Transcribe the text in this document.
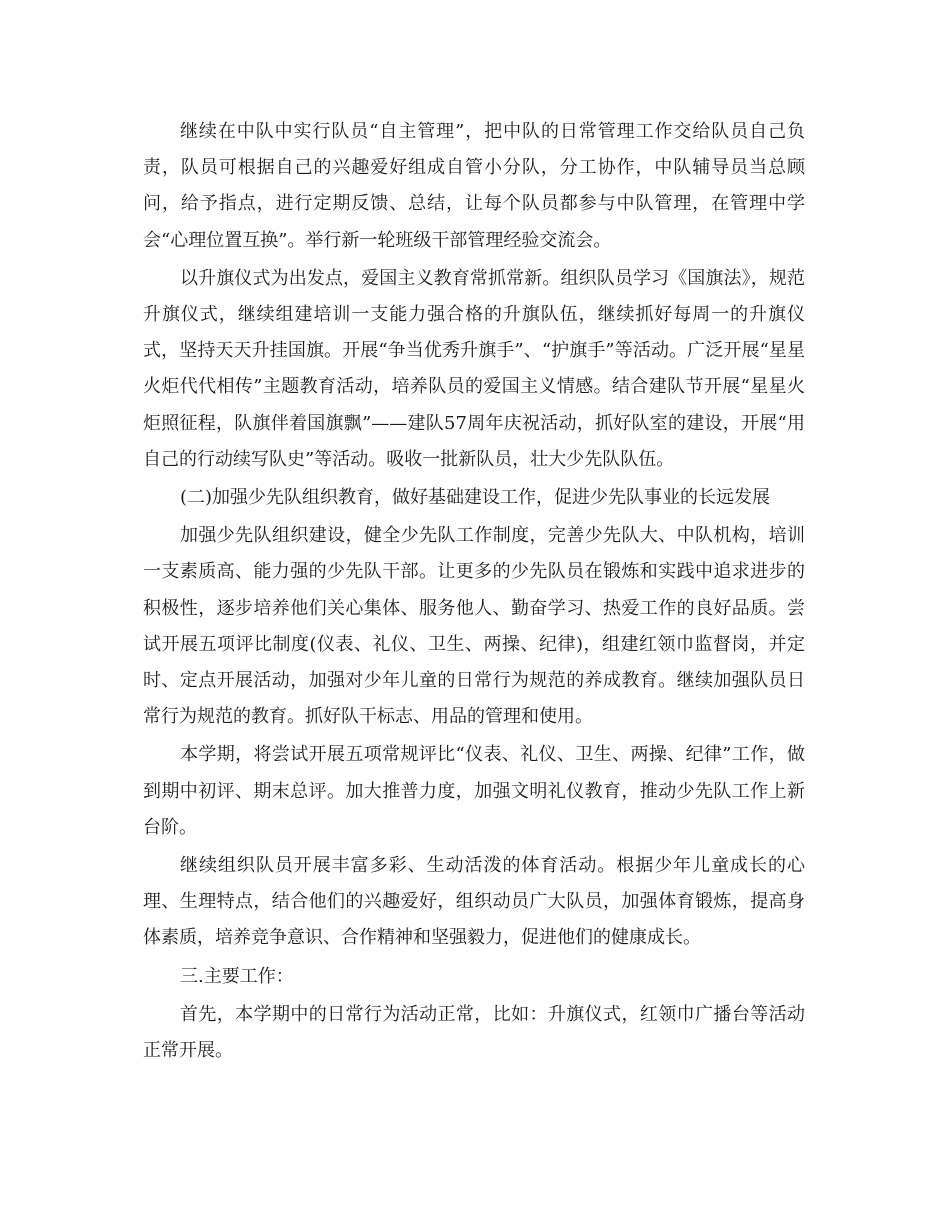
继续在中队中实行队员“自主管理”，把中队的日常管理工作交给队员自己负责，队员可根据自己的兴趣爱好组成自管小分队，分工协作，中队辅导员当总顾问，给予指点，进行定期反馈、总结，让每个队员都参与中队管理，在管理中学会“心理位置互换”。举行新一轮班级干部管理经验交流会。

以升旗仪式为出发点，爱国主义教育常抓常新。组织队员学习《国旗法》，规范升旗仪式，继续组建培训一支能力强合格的升旗队伍，继续抓好每周一的升旗仪式，坚持天天升挂国旗。开展“争当优秀升旗手”、“护旗手”等活动。广泛开展“星星火炬代代相传”主题教育活动，培养队员的爱国主义情感。结合建队节开展“星星火炬照征程，队旗伴着国旗飘”——建队57周年庆祝活动，抓好队室的建设，开展“用自己的行动续写队史”等活动。吸收一批新队员，壮大少先队队伍。

(二)加强少先队组织教育，做好基础建设工作，促进少先队事业的长远发展

加强少先队组织建设，健全少先队工作制度，完善少先队大、中队机构，培训一支素质高、能力强的少先队干部。让更多的少先队员在锻炼和实践中追求进步的积极性，逐步培养他们关心集体、服务他人、勤奋学习、热爱工作的良好品质。尝试开展五项评比制度(仪表、礼仪、卫生、两操、纪律)，组建红领巾监督岗，并定时、定点开展活动，加强对少年儿童的日常行为规范的养成教育。继续加强队员日常行为规范的教育。抓好队干标志、用品的管理和使用。

本学期，将尝试开展五项常规评比“仪表、礼仪、卫生、两操、纪律”工作，做到期中初评、期末总评。加大推普力度，加强文明礼仪教育，推动少先队工作上新台阶。

继续组织队员开展丰富多彩、生动活泼的体育活动。根据少年儿童成长的心理、生理特点，结合他们的兴趣爱好，组织动员广大队员，加强体育锻炼，提高身体素质，培养竞争意识、合作精神和坚强毅力，促进他们的健康成长。

三.主要工作：

首先，本学期中的日常行为活动正常，比如：升旗仪式，红领巾广播台等活动正常开展。
